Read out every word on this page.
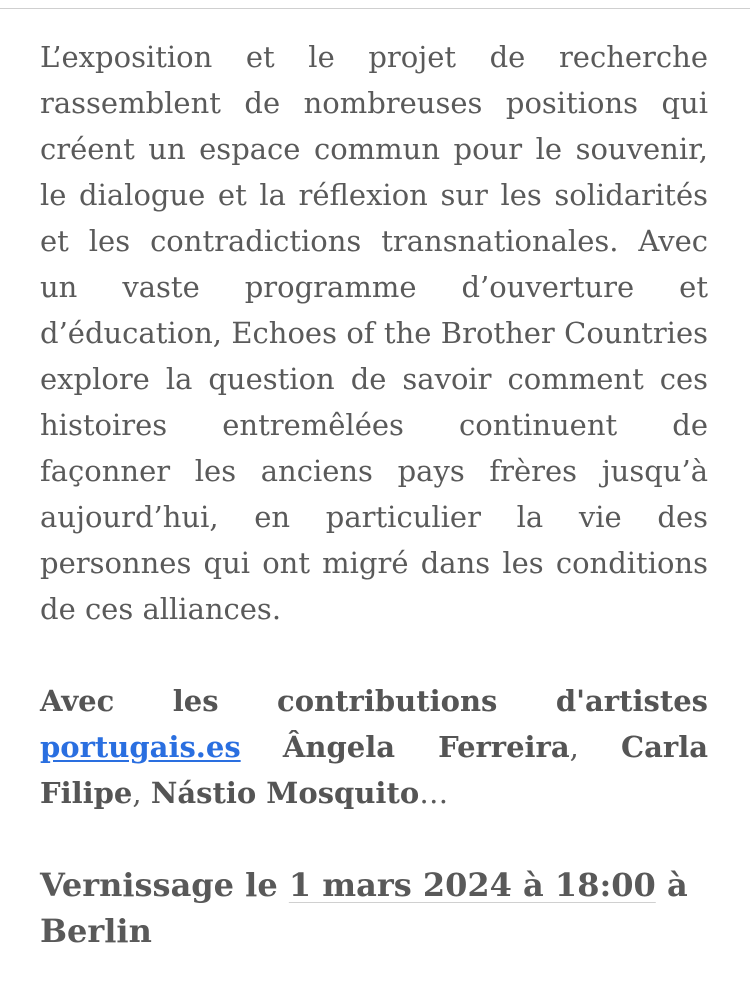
L’exposition et le projet de recherche rassemblent de nombreuses positions qui créent un espace commun pour le souvenir, le dialogue et la réflexion sur les solidarités et les contradictions transnationales. Avec un vaste programme d’ouverture et d’éducation, Echoes of the Brother Countries explore la question de savoir comment ces histoires entremêlées continuent de façonner les anciens pays frères jusqu’à aujourd’hui, en particulier la vie des personnes qui ont migré dans les conditions de ces alliances.

Avec les contributions d'artistes portugais.es Ângela Ferreira, Carla Filipe, Nástio Mosquito…

Vernissage le 1 mars 2024 à 18:00 à Berlin
